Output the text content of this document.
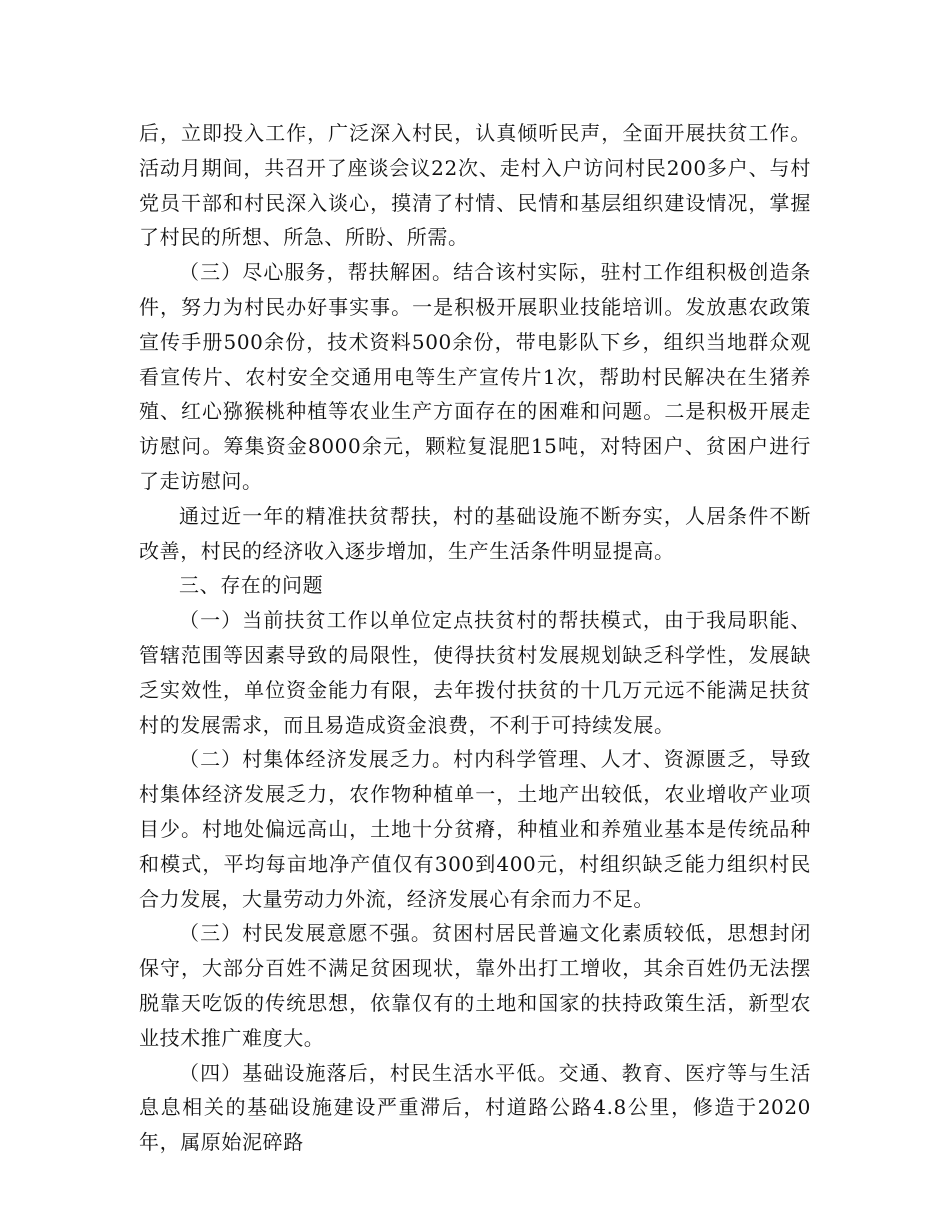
后，立即投入工作，广泛深入村民，认真倾听民声，全面开展扶贫工作。活动月期间，共召开了座谈会议22次、走村入户访问村民200多户、与村党员干部和村民深入谈心，摸清了村情、民情和基层组织建设情况，掌握了村民的所想、所急、所盼、所需。

（三）尽心服务，帮扶解困。结合该村实际，驻村工作组积极创造条件，努力为村民办好事实事。一是积极开展职业技能培训。发放惠农政策宣传手册500余份，技术资料500余份，带电影队下乡，组织当地群众观看宣传片、农村安全交通用电等生产宣传片1次，帮助村民解决在生猪养殖、红心猕猴桃种植等农业生产方面存在的困难和问题。二是积极开展走访慰问。筹集资金8000余元，颗粒复混肥15吨，对特困户、贫困户进行了走访慰问。

通过近一年的精准扶贫帮扶，村的基础设施不断夯实，人居条件不断改善，村民的经济收入逐步增加，生产生活条件明显提高。

三、存在的问题

（一）当前扶贫工作以单位定点扶贫村的帮扶模式，由于我局职能、管辖范围等因素导致的局限性，使得扶贫村发展规划缺乏科学性，发展缺乏实效性，单位资金能力有限，去年拨付扶贫的十几万元远不能满足扶贫村的发展需求，而且易造成资金浪费，不利于可持续发展。

（二）村集体经济发展乏力。村内科学管理、人才、资源匮乏，导致村集体经济发展乏力，农作物种植单一，土地产出较低，农业增收产业项目少。村地处偏远高山，土地十分贫瘠，种植业和养殖业基本是传统品种和模式，平均每亩地净产值仅有300到400元，村组织缺乏能力组织村民合力发展，大量劳动力外流，经济发展心有余而力不足。

（三）村民发展意愿不强。贫困村居民普遍文化素质较低，思想封闭保守，大部分百姓不满足贫困现状，靠外出打工增收，其余百姓仍无法摆脱靠天吃饭的传统思想，依靠仅有的土地和国家的扶持政策生活，新型农业技术推广难度大。

（四）基础设施落后，村民生活水平低。交通、教育、医疗等与生活息息相关的基础设施建设严重滞后，村道路公路4.8公里，修造于2020年，属原始泥碎路
